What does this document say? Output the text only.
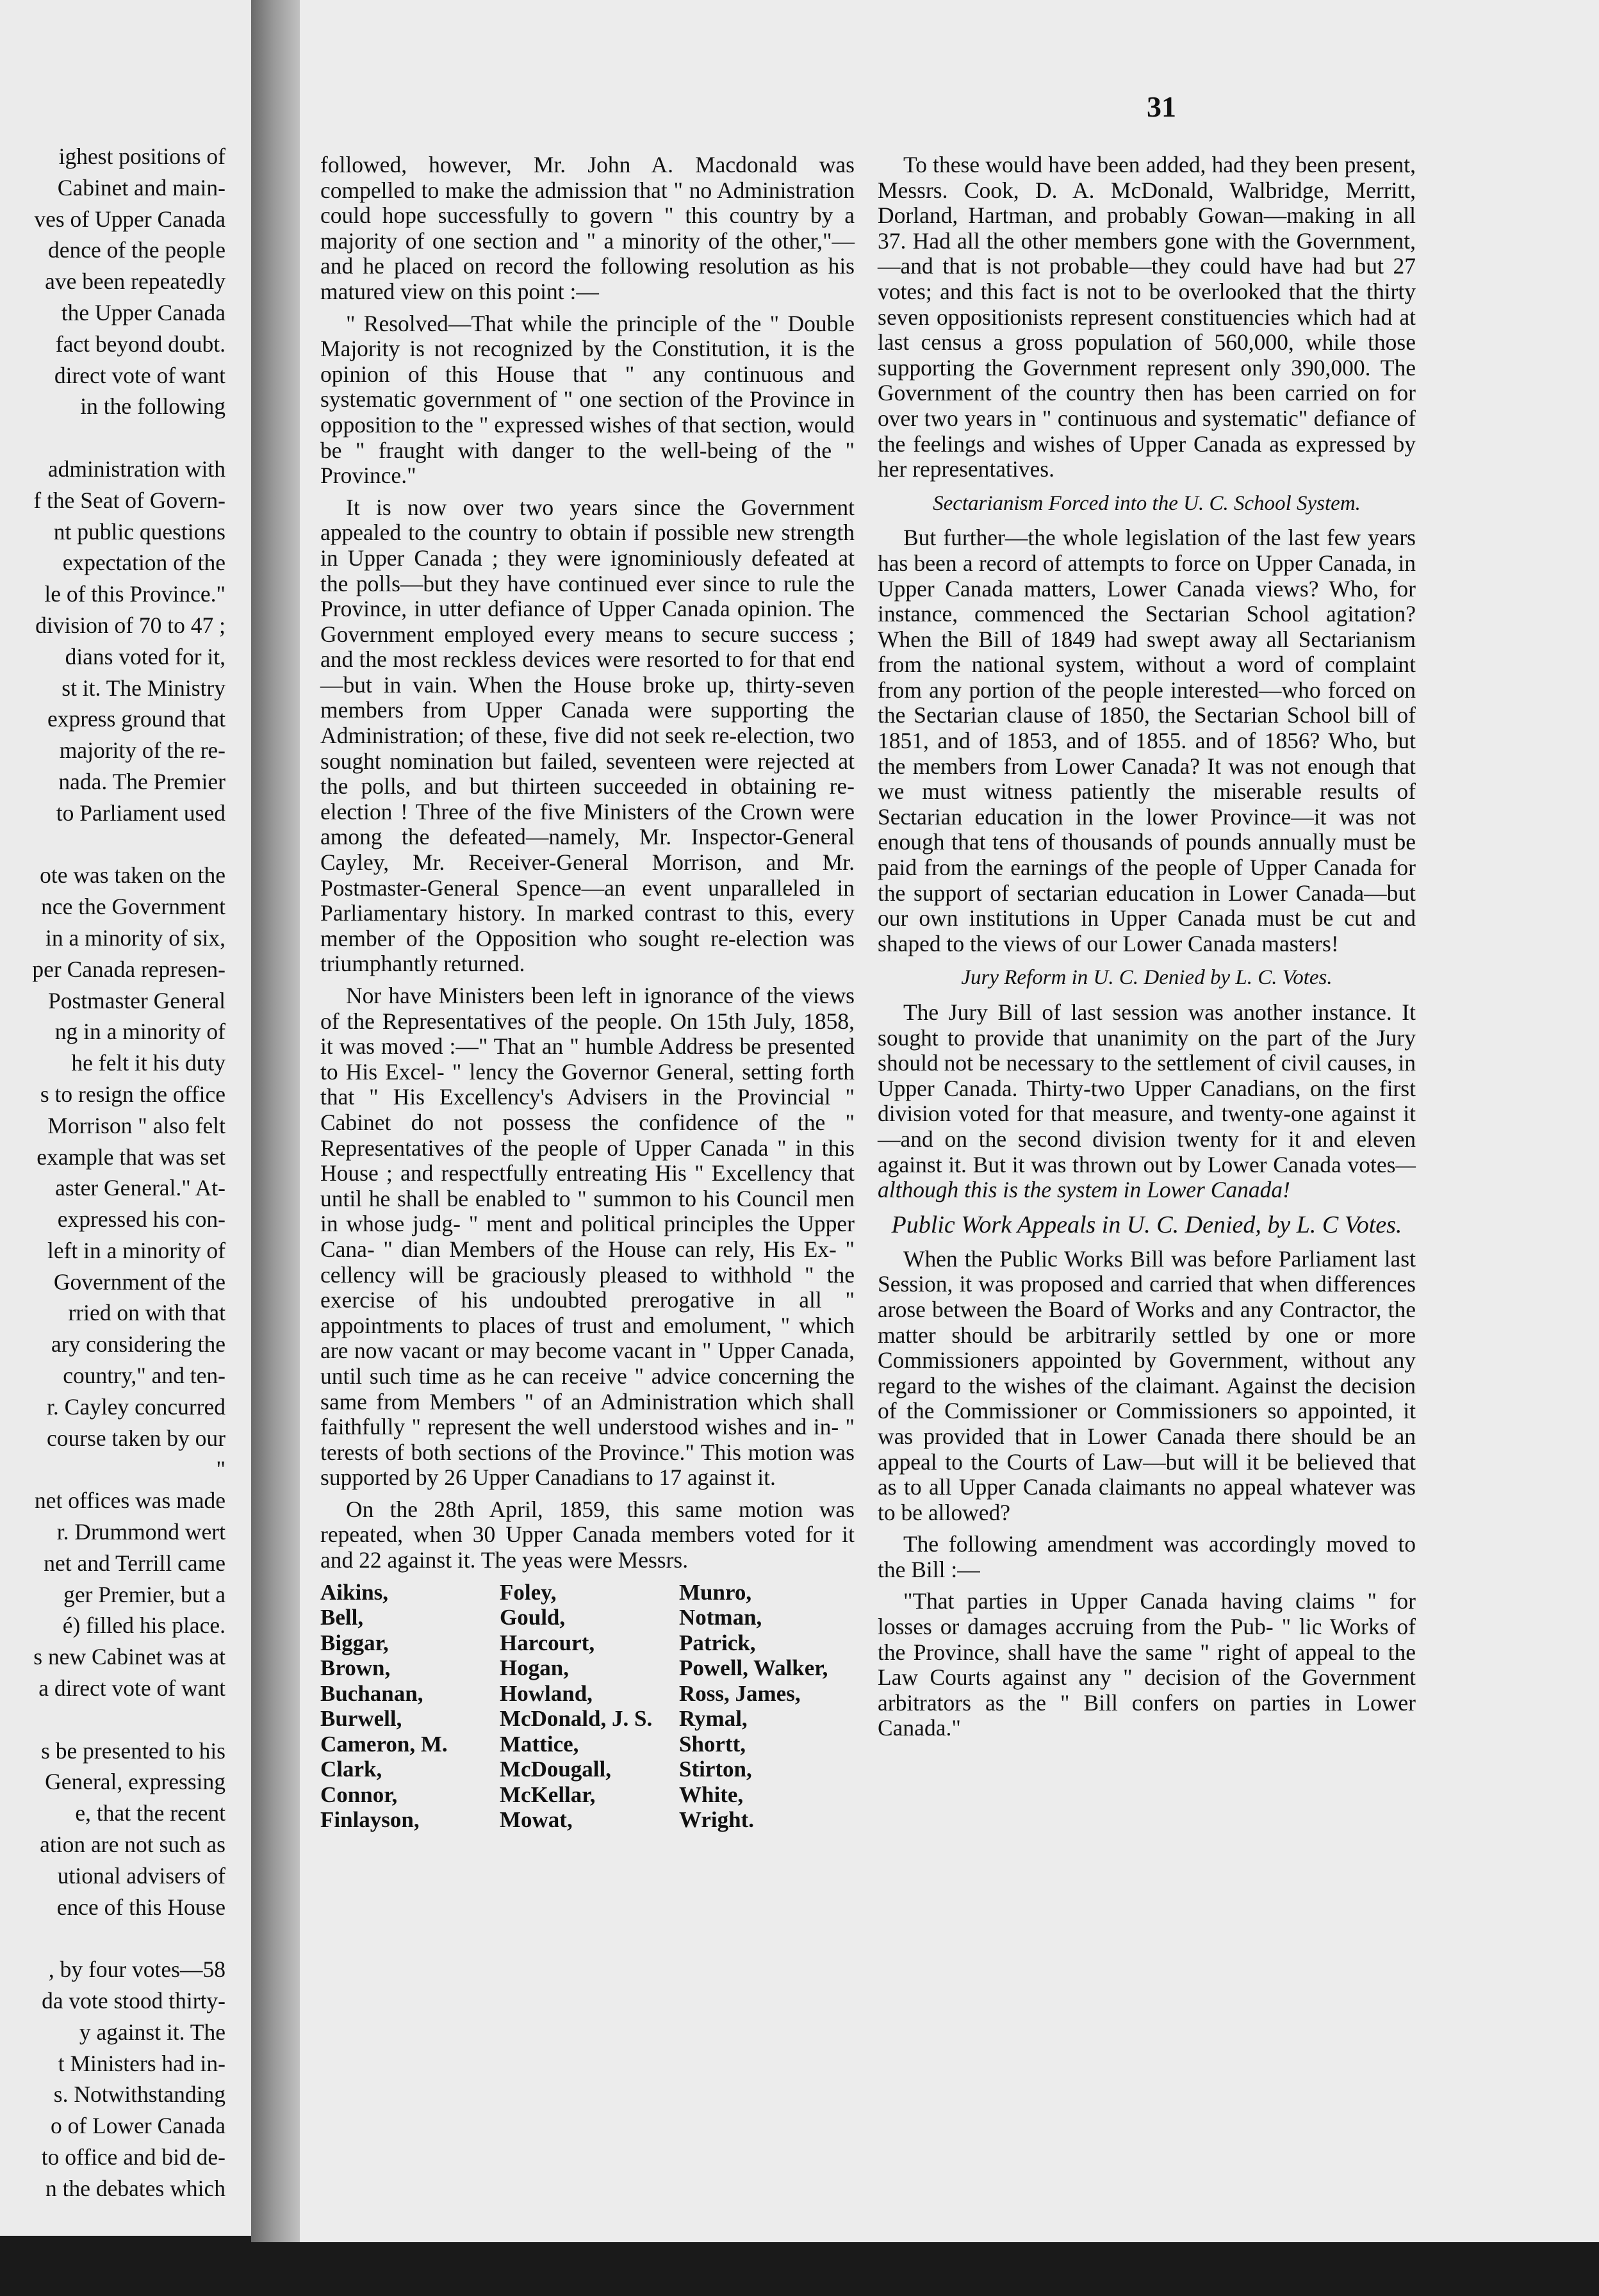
ighest positions of
Cabinet and main-
ves of Upper Canada
dence of the people
ave been repeatedly
the Upper Canada
fact beyond doubt.
direct vote of want
in the following
administration with
f the Seat of Govern-
nt public questions
expectation of the
le of this Province."
division of 70 to 47 ;
dians voted for it,
st it. The Ministry
express ground that
majority of the re-
nada. The Premier
to Parliament used
ote was taken on the
nce the Government
in a minority of six,
per Canada represen-
Postmaster General
ng in a minority of
he felt it his duty
s to resign the office
Morrison " also felt
example that was set
aster General." At-
expressed his con-
left in a minority of
Government of the
rried on with that
ary considering the
country," and ten-
r. Cayley concurred
course taken by our
"
net offices was made
r. Drummond wert
net and Terrill came
ger Premier, but a
é) filled his place.
s new Cabinet was at
a direct vote of want
s be presented to his
General, expressing
e, that the recent
ation are not such as
utional advisers of
ence of this House
, by four votes—58
da vote stood thirty-
y against it. The
t Ministers had in-
s. Notwithstanding
o of Lower Canada
to office and bid de-
n the debates which
31

followed, however, Mr. John A. Macdonald was compelled to make the admission that " no Administration could hope successfully to govern " this country by a majority of one section and " a minority of the other,"—and he placed on record the following resolution as his matured view on this point :—

" Resolved—That while the principle of the " Double Majority is not recognized by the Constitution, it is the opinion of this House that " any continuous and systematic government of " one section of the Province in opposition to the " expressed wishes of that section, would be " fraught with danger to the well-being of the " Province."

It is now over two years since the Government appealed to the country to obtain if possible new strength in Upper Canada ; they were ignominiously defeated at the polls—but they have continued ever since to rule the Province, in utter defiance of Upper Canada opinion. The Government employed every means to secure success ; and the most reckless devices were resorted to for that end—but in vain. When the House broke up, thirty-seven members from Upper Canada were supporting the Administration; of these, five did not seek re-election, two sought nomination but failed, seventeen were rejected at the polls, and but thirteen succeeded in obtaining re-election ! Three of the five Ministers of the Crown were among the defeated—namely, Mr. Inspector-General Cayley, Mr. Receiver-General Morrison, and Mr. Postmaster-General Spence—an event unparalleled in Parliamentary history. In marked contrast to this, every member of the Opposition who sought re-election was triumphantly returned.

Nor have Ministers been left in ignorance of the views of the Representatives of the people. On 15th July, 1858, it was moved :—" That an " humble Address be presented to His Excel- " lency the Governor General, setting forth that " His Excellency's Advisers in the Provincial " Cabinet do not possess the confidence of the " Representatives of the people of Upper Canada " in this House ; and respectfully entreating His " Excellency that until he shall be enabled to " summon to his Council men in whose judg- " ment and political principles the Upper Cana- " dian Members of the House can rely, His Ex- " cellency will be graciously pleased to withhold " the exercise of his undoubted prerogative in all " appointments to places of trust and emolument, " which are now vacant or may become vacant in " Upper Canada, until such time as he can receive " advice concerning the same from Members " of an Administration which shall faithfully " represent the well understood wishes and in- " terests of both sections of the Province." This motion was supported by 26 Upper Canadians to 17 against it.

On the 28th April, 1859, this same motion was repeated, when 30 Upper Canada members voted for it and 22 against it. The yeas were Messrs.

Aikins,	Foley,	Munro,
Bell,	Gould,	Notman,
Biggar,	Harcourt,	Patrick,
Brown,	Hogan,	Powell, Walker,
Buchanan,	Howland,	Ross, James,
Burwell,	McDonald, J. S.	Rymal,
Cameron, M.	Mattice,	Shortt,
Clark,	McDougall,	Stirton,
Connor,	McKellar,	White,
Finlayson,	Mowat,	Wright.

To these would have been added, had they been present, Messrs. Cook, D. A. McDonald, Walbridge, Merritt, Dorland, Hartman, and probably Gowan—making in all 37. Had all the other members gone with the Government, —and that is not probable—they could have had but 27 votes; and this fact is not to be overlooked that the thirty seven oppositionists represent constituencies which had at last census a gross population of 560,000, while those supporting the Government represent only 390,000. The Government of the country then has been carried on for over two years in " continuous and systematic" defiance of the feelings and wishes of Upper Canada as expressed by her representatives.

Sectarianism Forced into the U. C. School System.

But further—the whole legislation of the last few years has been a record of attempts to force on Upper Canada, in Upper Canada matters, Lower Canada views? Who, for instance, commenced the Sectarian School agitation? When the Bill of 1849 had swept away all Sectarianism from the national system, without a word of complaint from any portion of the people interested—who forced on the Sectarian clause of 1850, the Sectarian School bill of 1851, and of 1853, and of 1855. and of 1856? Who, but the members from Lower Canada? It was not enough that we must witness patiently the miserable results of Sectarian education in the lower Province—it was not enough that tens of thousands of pounds annually must be paid from the earnings of the people of Upper Canada for the support of sectarian education in Lower Canada—but our own institutions in Upper Canada must be cut and shaped to the views of our Lower Canada masters!

Jury Reform in U. C. Denied by L. C. Votes.

The Jury Bill of last session was another instance. It sought to provide that unanimity on the part of the Jury should not be necessary to the settlement of civil causes, in Upper Canada. Thirty-two Upper Canadians, on the first division voted for that measure, and twenty-one against it—and on the second division twenty for it and eleven against it. But it was thrown out by Lower Canada votes—although this is the system in Lower Canada!

Public Work Appeals in U. C. Denied, by L. C Votes.

When the Public Works Bill was before Parliament last Session, it was proposed and carried that when differences arose between the Board of Works and any Contractor, the matter should be arbitrarily settled by one or more Commissioners appointed by Government, without any regard to the wishes of the claimant. Against the decision of the Commissioner or Commissioners so appointed, it was provided that in Lower Canada there should be an appeal to the Courts of Law—but will it be believed that as to all Upper Canada claimants no appeal whatever was to be allowed?

The following amendment was accordingly moved to the Bill :—

"That parties in Upper Canada having claims " for losses or damages accruing from the Pub- " lic Works of the Province, shall have the same " right of appeal to the Law Courts against any " decision of the Government arbitrators as the " Bill confers on parties in Lower Canada."
